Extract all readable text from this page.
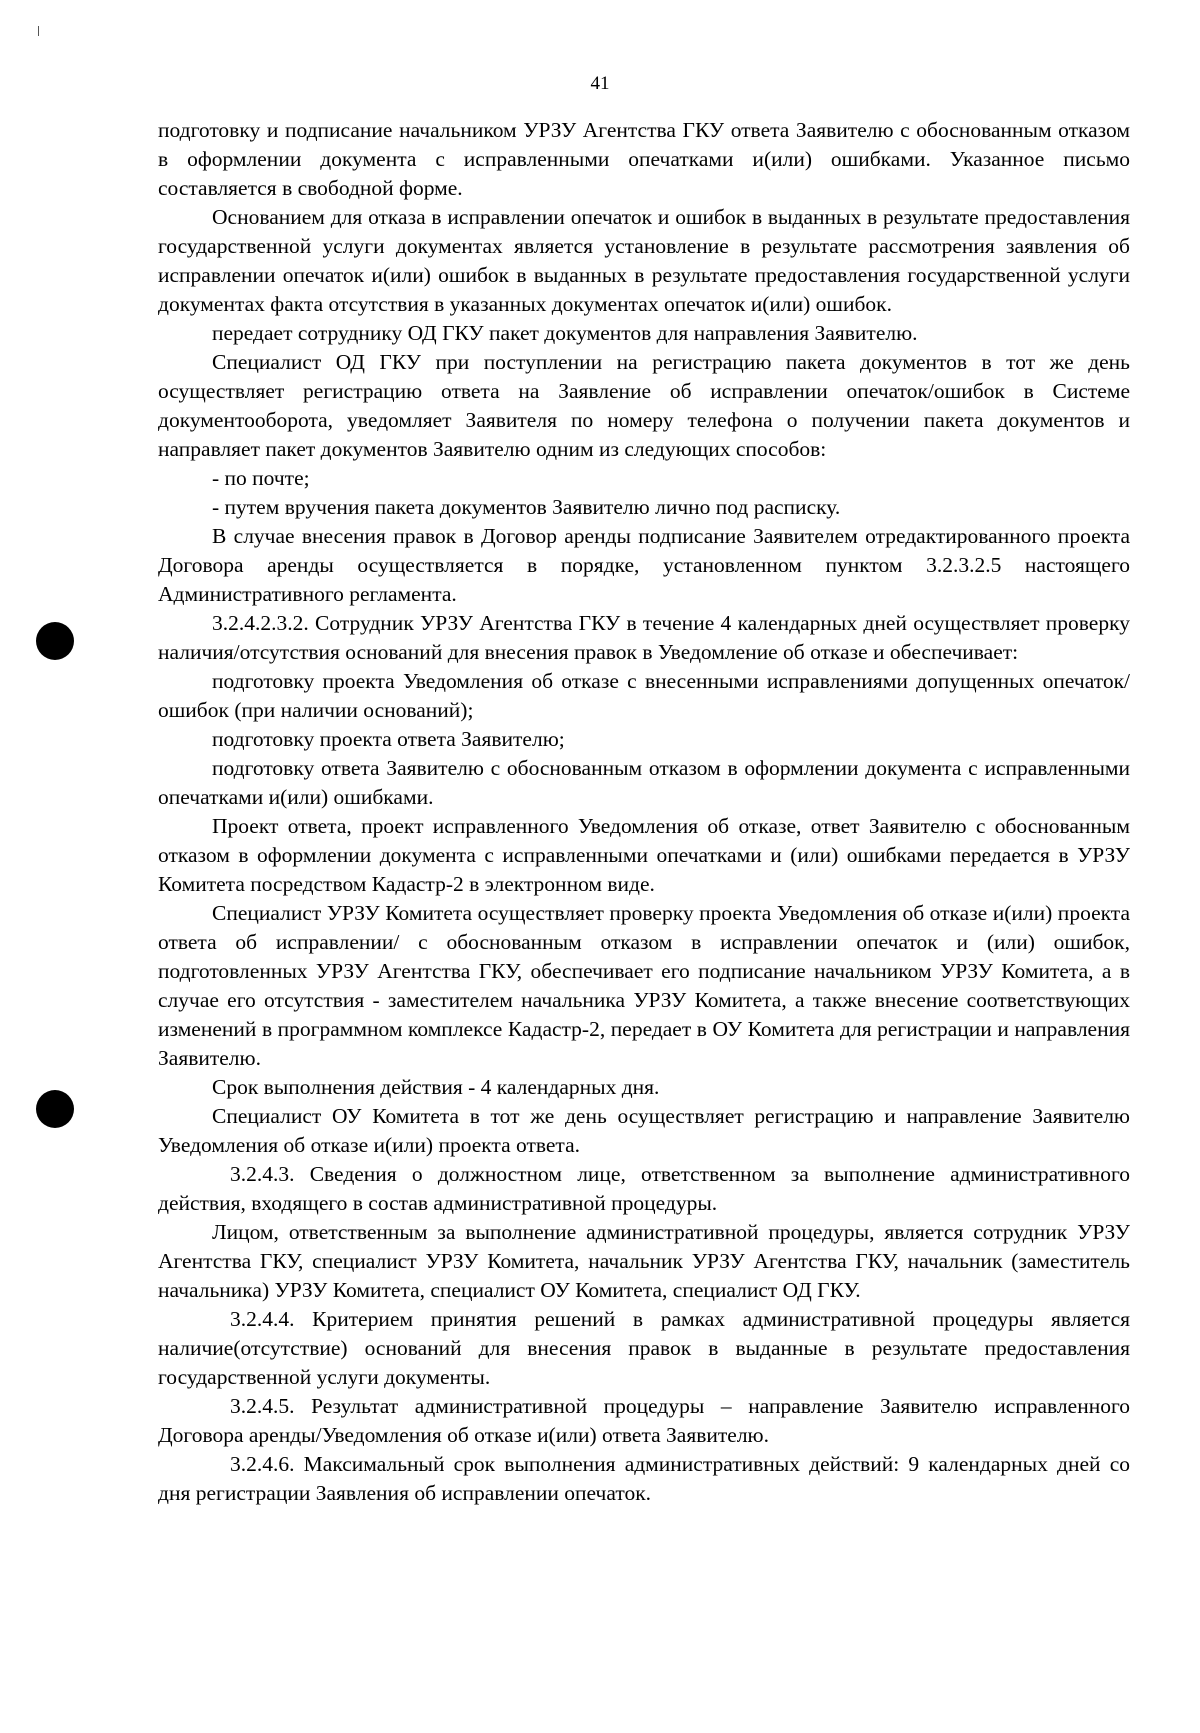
41

подготовку и подписание начальником УРЗУ Агентства ГКУ ответа Заявителю с обоснованным отказом в оформлении документа с исправленными опечатками и(или) ошибками. Указанное письмо составляется в свободной форме.

Основанием для отказа в исправлении опечаток и ошибок в выданных в результате предоставления государственной услуги документах является установление в результате рассмотрения заявления об исправлении опечаток и(или) ошибок в выданных в результате предоставления государственной услуги документах факта отсутствия в указанных документах опечаток и(или) ошибок.

передает сотруднику ОД ГКУ пакет документов для направления Заявителю.

Специалист ОД ГКУ при поступлении на регистрацию пакета документов в тот же день осуществляет регистрацию ответа на Заявление об исправлении опечаток/ошибок в Системе документооборота, уведомляет Заявителя по номеру телефона о получении пакета документов и направляет пакет документов Заявителю одним из следующих способов:

- по почте;

- путем вручения пакета документов Заявителю лично под расписку.

В случае внесения правок в Договор аренды подписание Заявителем отредактированного проекта Договора аренды осуществляется в порядке, установленном пунктом 3.2.3.2.5 настоящего Административного регламента.

3.2.4.2.3.2. Сотрудник УРЗУ Агентства ГКУ в течение 4 календарных дней осуществляет проверку наличия/отсутствия оснований для внесения правок в Уведомление об отказе и обеспечивает:

подготовку проекта Уведомления об отказе с внесенными исправлениями допущенных опечаток/ошибок (при наличии оснований);

подготовку проекта ответа Заявителю;

подготовку ответа Заявителю с обоснованным отказом в оформлении документа с исправленными опечатками и(или) ошибками.

Проект ответа, проект исправленного Уведомления об отказе, ответ Заявителю с обоснованным отказом в оформлении документа с исправленными опечатками и (или) ошибками передается в УРЗУ Комитета посредством Кадастр-2 в электронном виде.

Специалист УРЗУ Комитета осуществляет проверку проекта Уведомления об отказе и(или) проекта ответа об исправлении/ с обоснованным отказом в исправлении опечаток и (или) ошибок, подготовленных УРЗУ Агентства ГКУ, обеспечивает его подписание начальником УРЗУ Комитета, а в случае его отсутствия - заместителем начальника УРЗУ Комитета, а также внесение соответствующих изменений в программном комплексе Кадастр-2, передает в ОУ Комитета для регистрации и направления Заявителю.

Срок выполнения действия - 4 календарных дня.

Специалист ОУ Комитета в тот же день осуществляет регистрацию и направление Заявителю Уведомления об отказе и(или) проекта ответа.

3.2.4.3. Сведения о должностном лице, ответственном за выполнение административного действия, входящего в состав административной процедуры.

Лицом, ответственным за выполнение административной процедуры, является сотрудник УРЗУ Агентства ГКУ, специалист УРЗУ Комитета, начальник УРЗУ Агентства ГКУ, начальник (заместитель начальника) УРЗУ Комитета, специалист ОУ Комитета, специалист ОД ГКУ.

3.2.4.4. Критерием принятия решений в рамках административной процедуры является наличие(отсутствие) оснований для внесения правок в выданные в результате предоставления государственной услуги документы.

3.2.4.5. Результат административной процедуры – направление Заявителю исправленного Договора аренды/Уведомления об отказе и(или) ответа Заявителю.

3.2.4.6. Максимальный срок выполнения административных действий: 9 календарных дней со дня регистрации Заявления об исправлении опечаток.
